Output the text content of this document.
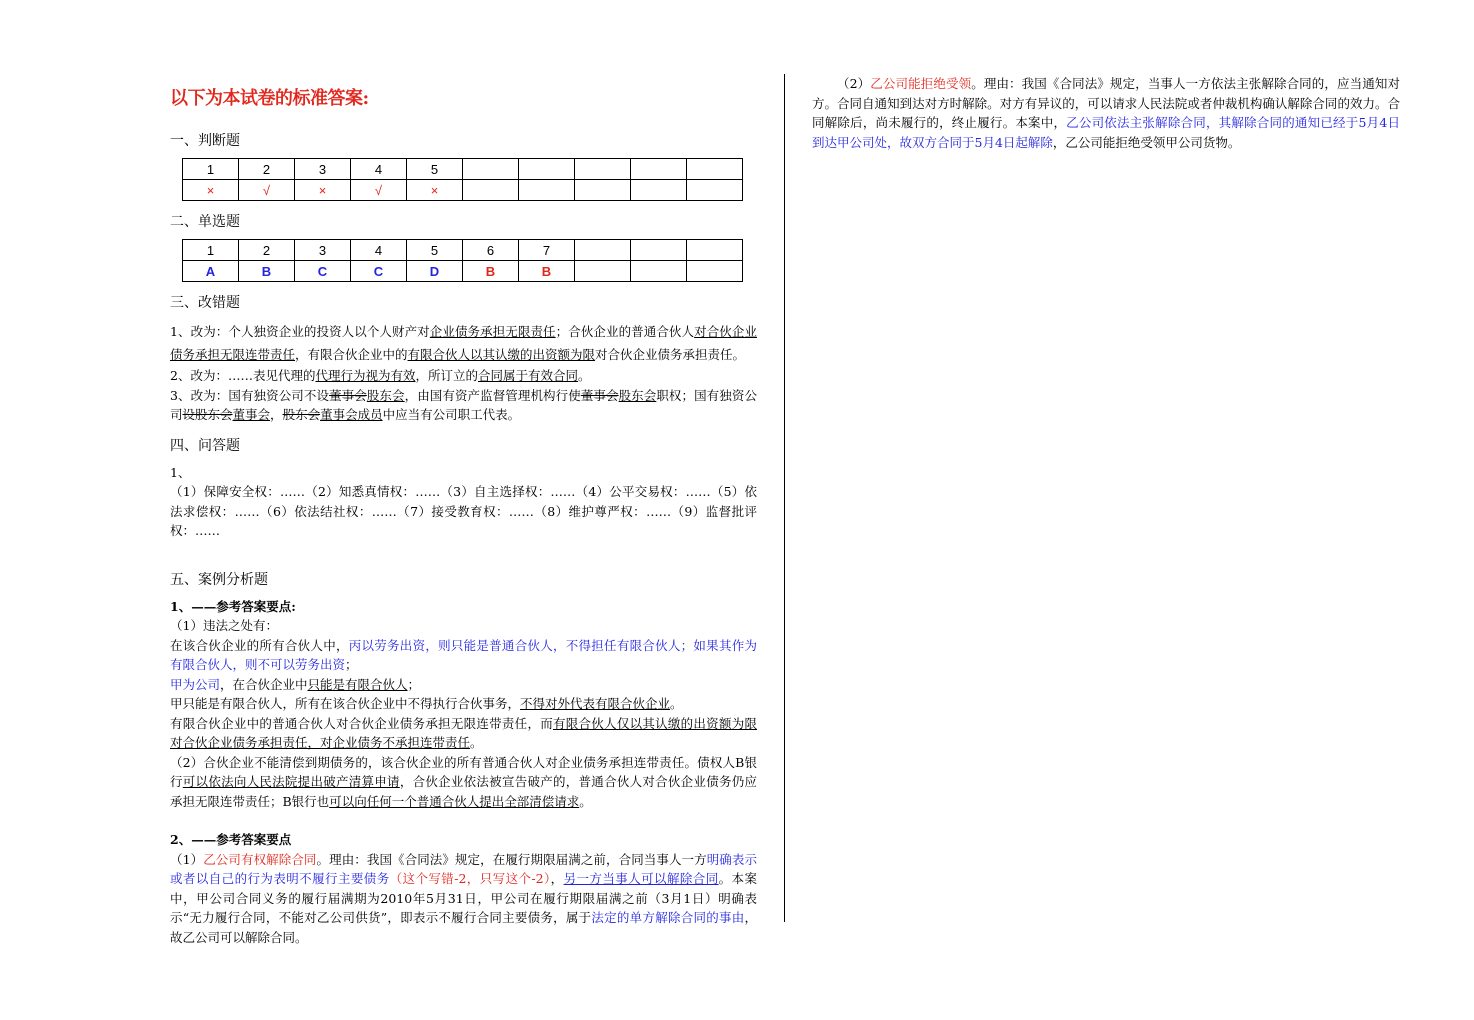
以下为本试卷的标准答案:
一、判断题
1	2	3	4	5					
×	√	×	√	×					
二、单选题
1	2	3	4	5	6	7			
A	B	C	C	D	B	B			
三、改错题

1、改为：个人独资企业的投资人以个人财产对企业债务承担无限责任；合伙企业的普通合伙人对合伙企业债务承担无限连带责任，有限合伙企业中的有限合伙人以其认缴的出资额为限对合伙企业债务承担责任。

2、改为：……表见代理的代理行为视为有效，所订立的合同属于有效合同。

3、改为：国有独资公司不设董事会股东会，由国有资产监督管理机构行使董事会股东会职权；国有独资公司设股东会董事会，股东会董事会成员中应当有公司职工代表。

四、问答题

1、

（1）保障安全权：……（2）知悉真情权：……（3）自主选择权：……（4）公平交易权：……（5）依法求偿权：……（6）依法结社权：……（7）接受教育权：……（8）维护尊严权：……（9）监督批评权：……

五、案例分析题

1、——参考答案要点:

（1）违法之处有：

在该合伙企业的所有合伙人中，丙以劳务出资，则只能是普通合伙人，不得担任有限合伙人；如果其作为有限合伙人，则不可以劳务出资；

甲为公司，在合伙企业中只能是有限合伙人；

甲只能是有限合伙人，所有在该合伙企业中不得执行合伙事务，不得对外代表有限合伙企业。

有限合伙企业中的普通合伙人对合伙企业债务承担无限连带责任，而有限合伙人仅以其认缴的出资额为限对合伙企业债务承担责任，对企业债务不承担连带责任。

（2）合伙企业不能清偿到期债务的，该合伙企业的所有普通合伙人对企业债务承担连带责任。债权人B银行可以依法向人民法院提出破产清算申请，合伙企业依法被宣告破产的，普通合伙人对合伙企业债务仍应承担无限连带责任；B银行也可以向任何一个普通合伙人提出全部清偿请求。

2、——参考答案要点

（1）乙公司有权解除合同。理由：我国《合同法》规定，在履行期限届满之前，合同当事人一方明确表示或者以自己的行为表明不履行主要债务（这个写错-2，只写这个-2），另一方当事人可以解除合同。本案中，甲公司合同义务的履行届满期为2010年5月31日，甲公司在履行期限届满之前（3月1日）明确表示“无力履行合同，不能对乙公司供货”，即表示不履行合同主要债务，属于法定的单方解除合同的事由，故乙公司可以解除合同。

（2）乙公司能拒绝受领。理由：我国《合同法》规定，当事人一方依法主张解除合同的，应当通知对方。合同自通知到达对方时解除。对方有异议的，可以请求人民法院或者仲裁机构确认解除合同的效力。合同解除后，尚未履行的，终止履行。本案中，乙公司依法主张解除合同，其解除合同的通知已经于5月4日到达甲公司处，故双方合同于5月4日起解除，乙公司能拒绝受领甲公司货物。
